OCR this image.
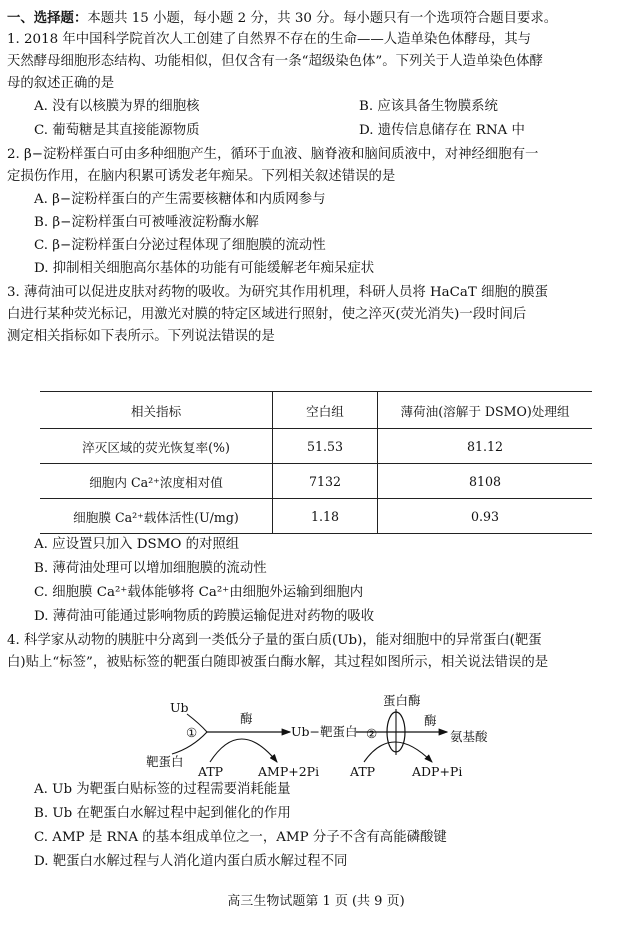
一、选择题：本题共 15 小题，每小题 2 分，共 30 分。每小题只有一个选项符合题目要求。
1. 2018 年中国科学院首次人工创建了自然界不存在的生命——人造单染色体酵母，其与
天然酵母细胞形态结构、功能相似，但仅含有一条“超级染色体”。下列关于人造单染色体酵
母的叙述正确的是
A. 没有以核膜为界的细胞核	B. 应该具备生物膜系统
C. 葡萄糖是其直接能源物质	D. 遗传信息储存在 RNA 中
2. β−淀粉样蛋白可由多种细胞产生，循环于血液、脑脊液和脑间质液中，对神经细胞有一
定损伤作用，在脑内积累可诱发老年痴呆。下列相关叙述错误的是
A. β−淀粉样蛋白的产生需要核糖体和内质网参与
B. β−淀粉样蛋白可被唾液淀粉酶水解
C. β−淀粉样蛋白分泌过程体现了细胞膜的流动性
D. 抑制相关细胞高尔基体的功能有可能缓解老年痴呆症状
3. 薄荷油可以促进皮肤对药物的吸收。为研究其作用机理，科研人员将 HaCaT 细胞的膜蛋
白进行某种荧光标记，用激光对膜的特定区域进行照射，使之淬灭(荧光消失)一段时间后
测定相关指标如下表所示。下列说法错误的是
相关指标	空白组	薄荷油(溶解于 DSMO)处理组
淬灭区域的荧光恢复率(%)	51.53	81.12
细胞内 Ca²⁺浓度相对值	7132	8108
细胞膜 Ca²⁺载体活性(U/mg)	1.18	0.93
A. 应设置只加入 DSMO 的对照组
B. 薄荷油处理可以增加细胞膜的流动性
C. 细胞膜 Ca²⁺载体能够将 Ca²⁺由细胞外运输到细胞内
D. 薄荷油可能通过影响物质的跨膜运输促进对药物的吸收
4. 科学家从动物的胰脏中分离到一类低分子量的蛋白质(Ub)，能对细胞中的异常蛋白(靶蛋
白)贴上“标签”，被贴标签的靶蛋白随即被蛋白酶水解，其过程如图所示，相关说法错误的是
Ub
靶蛋白
①
酶
ATP	AMP+2Pi
Ub−靶蛋白
蛋白酶
②
酶
氨基酸
ATP	ADP+Pi
A. Ub 为靶蛋白贴标签的过程需要消耗能量
B. Ub 在靶蛋白水解过程中起到催化的作用
C. AMP 是 RNA 的基本组成单位之一，AMP 分子不含有高能磷酸键
D. 靶蛋白水解过程与人消化道内蛋白质水解过程不同
高三生物试题第 1 页 (共 9 页)
